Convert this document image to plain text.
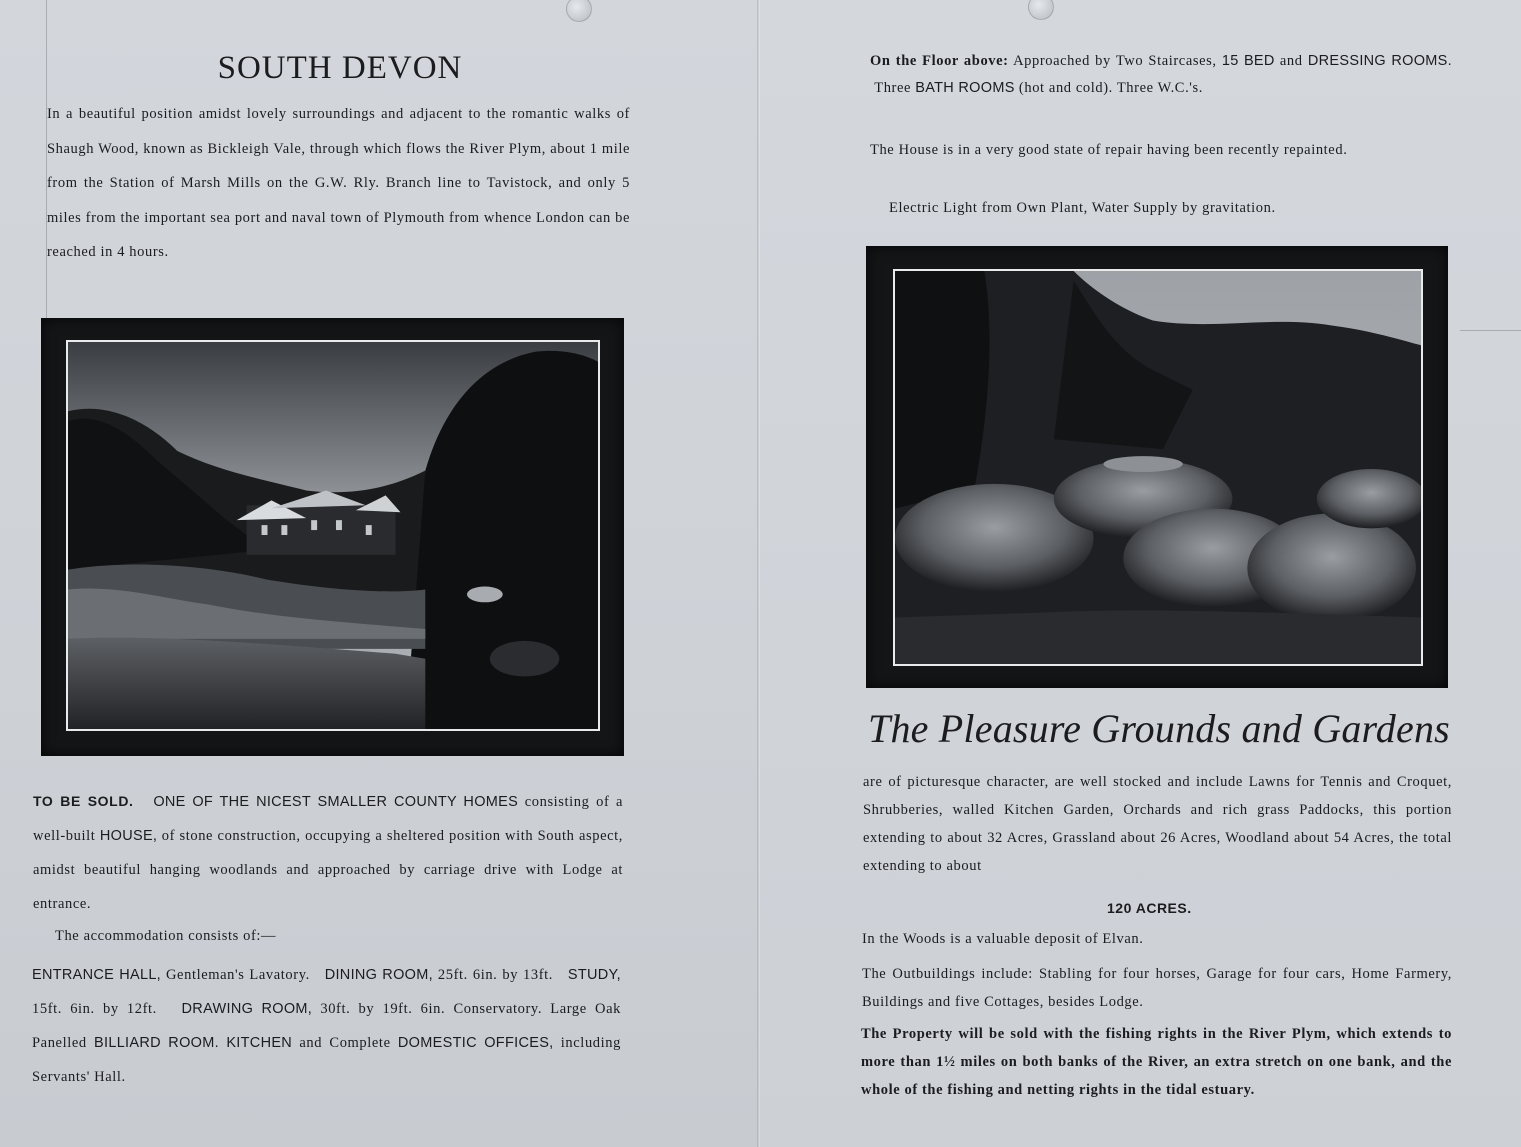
SOUTH DEVON

In a beautiful position amidst lovely surroundings and adjacent to the romantic walks of Shaugh Wood, known as Bickleigh Vale, through which flows the River Plym, about 1 mile from the Station of Marsh Mills on the G.W. Rly. Branch line to Tavistock, and only 5 miles from the important sea port and naval town of Plymouth from whence London can be reached in 4 hours.

TO BE SOLD. ONE OF THE NICEST SMALLER COUNTY HOMES consisting of a well-built HOUSE, of stone construction, occupying a sheltered position with South aspect, amidst beautiful hanging woodlands and approached by carriage drive with Lodge at entrance.

The accommodation consists of:—

ENTRANCE HALL, Gentleman's Lavatory. DINING ROOM, 25ft. 6in. by 13ft. STUDY, 15ft. 6in. by 12ft. DRAWING ROOM, 30ft. by 19ft. 6in. Conservatory. Large Oak Panelled BILLIARD ROOM. KITCHEN and Complete DOMESTIC OFFICES, including Servants' Hall.

On the Floor above: Approached by Two Staircases, 15 BED and DRESSING ROOMS.  Three BATH ROOMS (hot and cold). Three W.C.'s.

The House is in a very good state of repair having been recently repainted.

Electric Light from Own Plant, Water Supply by gravitation.

The Pleasure Grounds and Gardens

are of picturesque character, are well stocked and include Lawns for Tennis and Croquet, Shrubberies, walled Kitchen Garden, Orchards and rich grass Paddocks, this portion extending to about 32 Acres, Grassland about 26 Acres, Woodland about 54 Acres, the total extending to about

120 ACRES.

In the Woods is a valuable deposit of Elvan.

The Outbuildings include: Stabling for four horses, Garage for four cars, Home Farmery, Buildings and five Cottages, besides Lodge.

The Property will be sold with the fishing rights in the River Plym, which extends to more than 1½ miles on both banks of the River, an extra stretch on one bank, and the whole of the fishing and netting rights in the tidal estuary.
